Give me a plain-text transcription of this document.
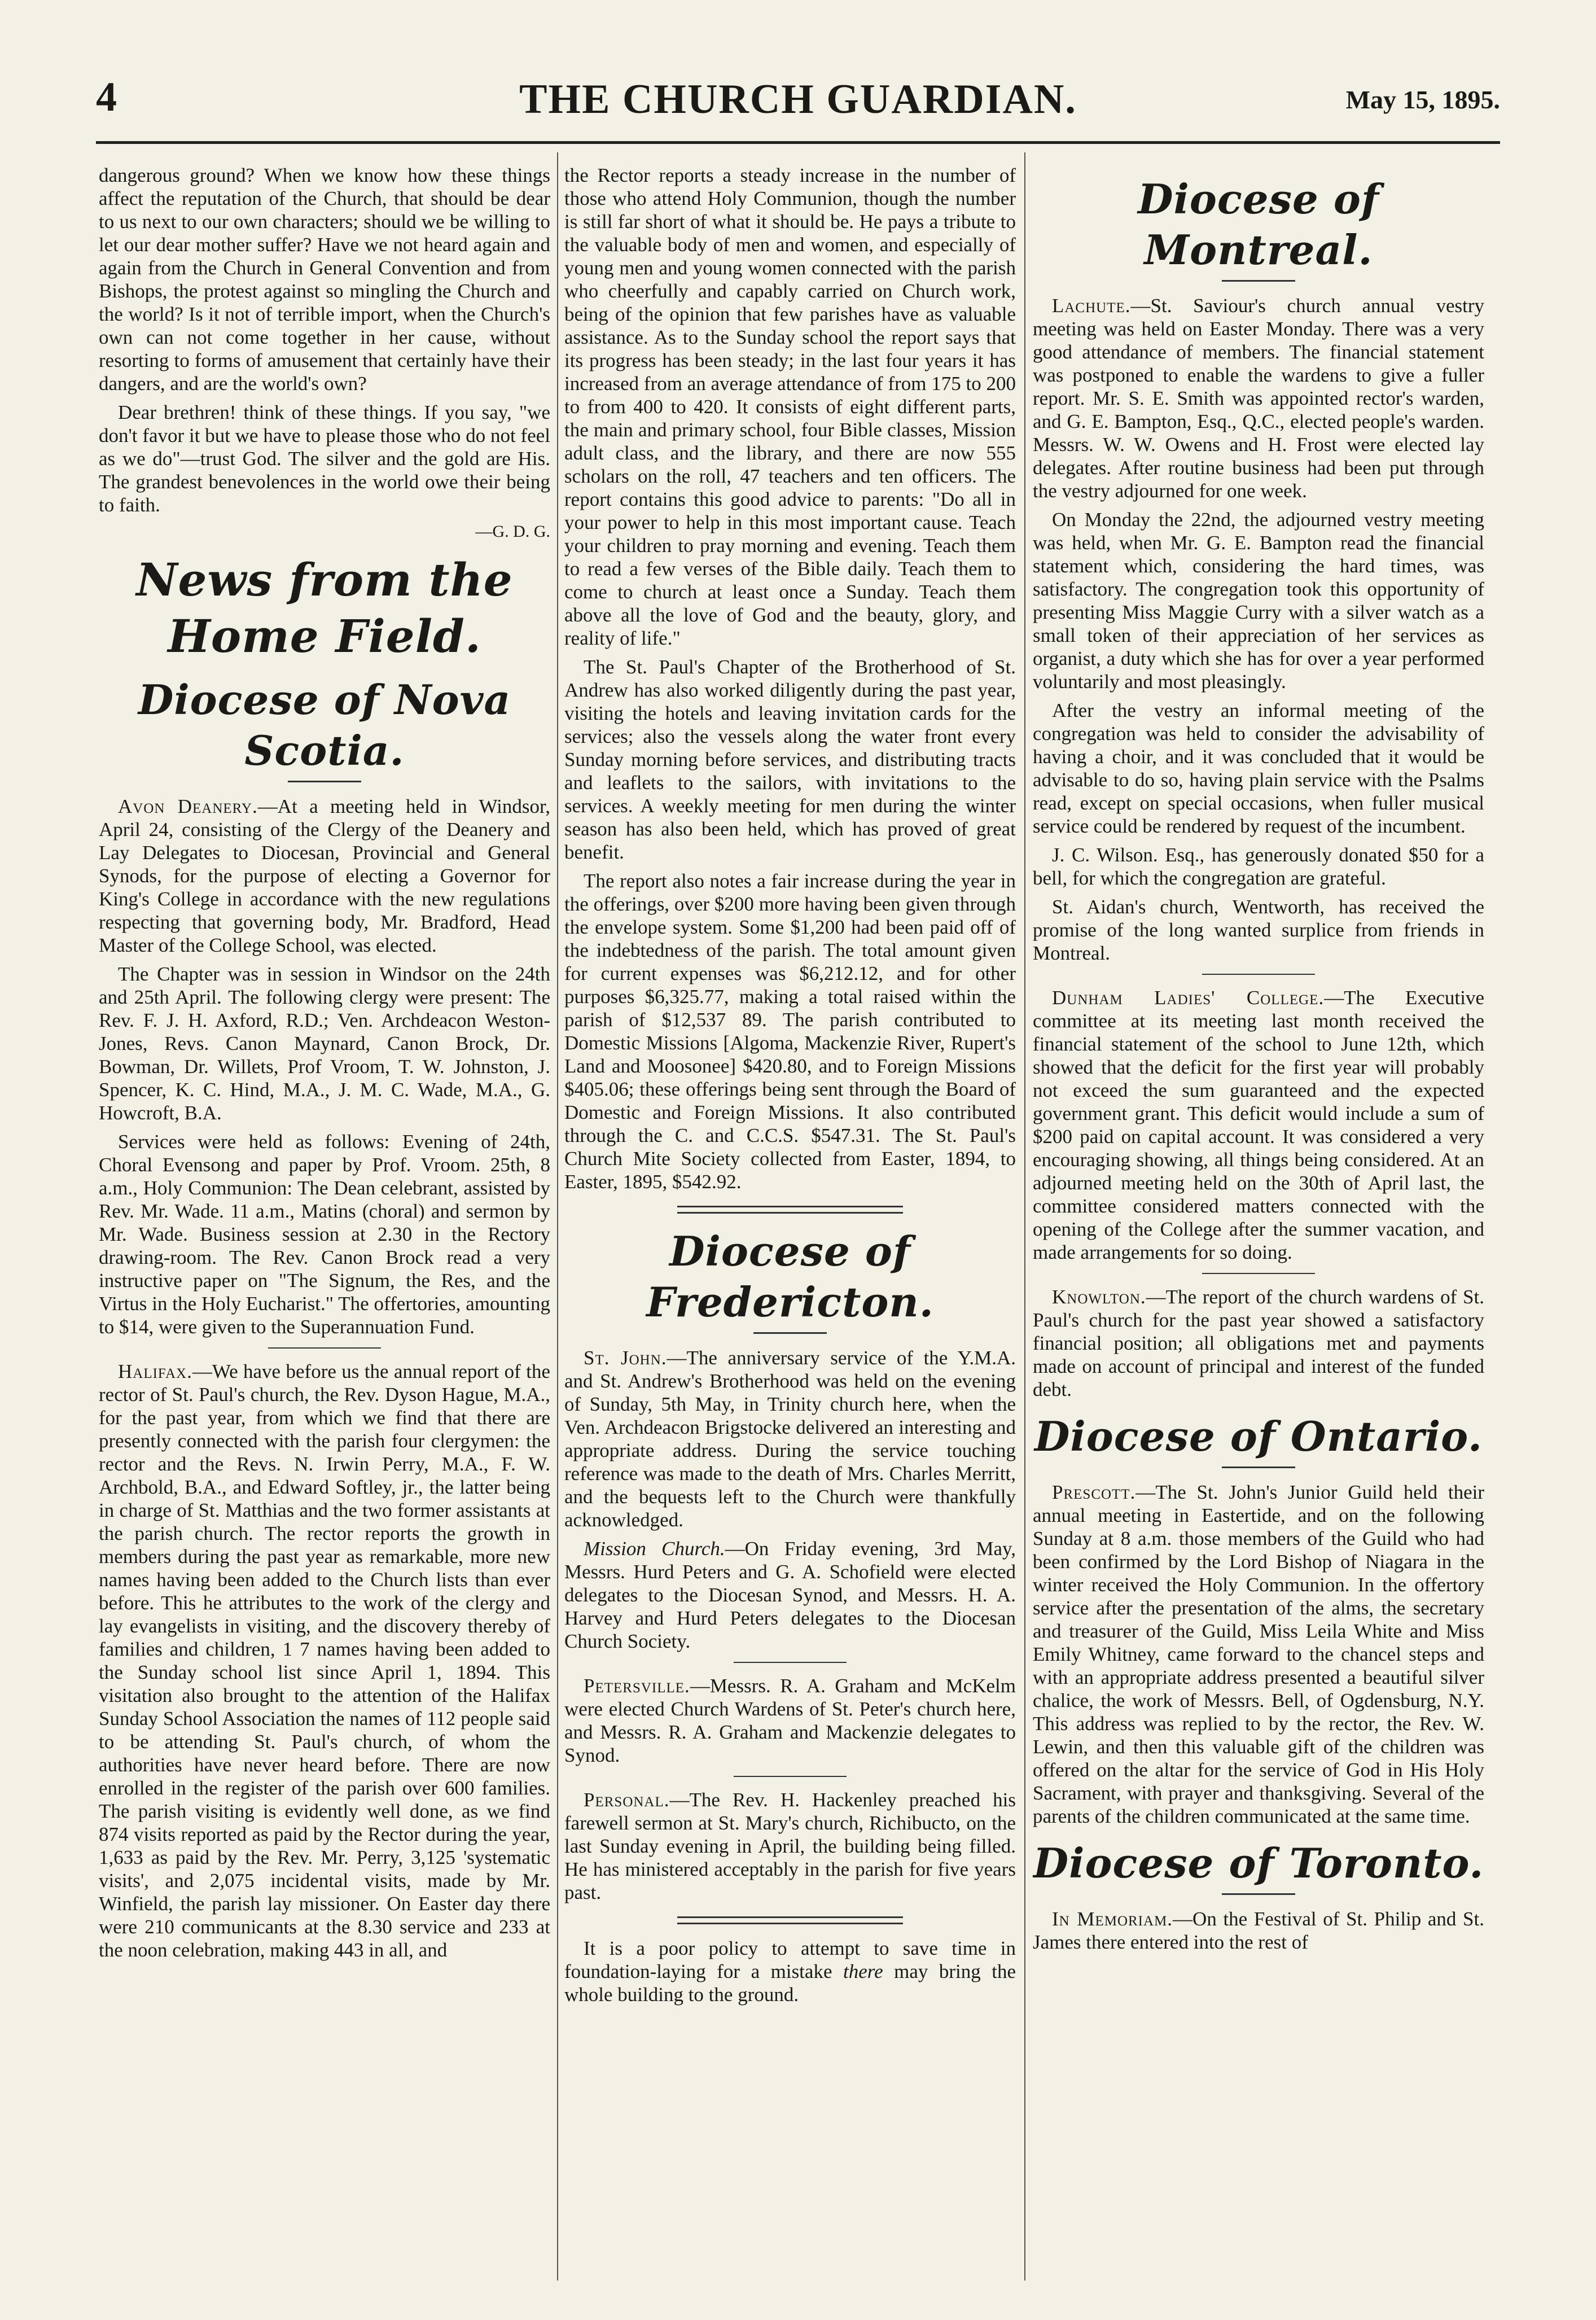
4	THE CHURCH GUARDIAN.	May 15, 1895.

dangerous ground? When we know how these things affect the reputation of the Church, that should be dear to us next to our own characters; should we be willing to let our dear mother suffer? Have we not heard again and again from the Church in General Convention and from Bishops, the protest against so mingling the Church and the world? Is it not of terrible import, when the Church's own can not come together in her cause, without resorting to forms of amusement that certainly have their dangers, and are the world's own?

Dear brethren! think of these things. If you say, "we don't favor it but we have to please those who do not feel as we do"—trust God. The silver and the gold are His. The grandest benevolences in the world owe their being to faith.

—G. D. G.
News from the Home Field.
Diocese of Nova Scotia.

Avon Deanery.—At a meeting held in Windsor, April 24, consisting of the Clergy of the Deanery and Lay Delegates to Diocesan, Provincial and General Synods, for the purpose of electing a Governor for King's College in accordance with the new regulations respecting that governing body, Mr. Bradford, Head Master of the College School, was elected.

The Chapter was in session in Windsor on the 24th and 25th April. The following clergy were present: The Rev. F. J. H. Axford, R.D.; Ven. Archdeacon Weston-Jones, Revs. Canon Maynard, Canon Brock, Dr. Bowman, Dr. Willets, Prof Vroom, T. W. Johnston, J. Spencer, K. C. Hind, M.A., J. M. C. Wade, M.A., G. Howcroft, B.A.

Services were held as follows: Evening of 24th, Choral Evensong and paper by Prof. Vroom. 25th, 8 a.m., Holy Communion: The Dean celebrant, assisted by Rev. Mr. Wade. 11 a.m., Matins (choral) and sermon by Mr. Wade. Business session at 2.30 in the Rectory drawing-room. The Rev. Canon Brock read a very instructive paper on "The Signum, the Res, and the Virtus in the Holy Eucharist." The offertories, amounting to $14, were given to the Superannuation Fund.

Halifax.—We have before us the annual report of the rector of St. Paul's church, the Rev. Dyson Hague, M.A., for the past year, from which we find that there are presently connected with the parish four clergymen: the rector and the Revs. N. Irwin Perry, M.A., F. W. Archbold, B.A., and Edward Softley, jr., the latter being in charge of St. Matthias and the two former assistants at the parish church. The rector reports the growth in members during the past year as remarkable, more new names having been added to the Church lists than ever before. This he attributes to the work of the clergy and lay evangelists in visiting, and the discovery thereby of families and children, 1 7 names having been added to the Sunday school list since April 1, 1894. This visitation also brought to the attention of the Halifax Sunday School Association the names of 112 people said to be attending St. Paul's church, of whom the authorities have never heard before. There are now enrolled in the register of the parish over 600 families. The parish visiting is evidently well done, as we find 874 visits reported as paid by the Rector during the year, 1,633 as paid by the Rev. Mr. Perry, 3,125 'systematic visits', and 2,075 incidental visits, made by Mr. Winfield, the parish lay missioner. On Easter day there were 210 communicants at the 8.30 service and 233 at the noon celebration, making 443 in all, and

the Rector reports a steady increase in the number of those who attend Holy Communion, though the number is still far short of what it should be. He pays a tribute to the valuable body of men and women, and especially of young men and young women connected with the parish who cheerfully and capably carried on Church work, being of the opinion that few parishes have as valuable assistance. As to the Sunday school the report says that its progress has been steady; in the last four years it has increased from an average attendance of from 175 to 200 to from 400 to 420. It consists of eight different parts, the main and primary school, four Bible classes, Mission adult class, and the library, and there are now 555 scholars on the roll, 47 teachers and ten officers. The report contains this good advice to parents: "Do all in your power to help in this most important cause. Teach your children to pray morning and evening. Teach them to read a few verses of the Bible daily. Teach them to come to church at least once a Sunday. Teach them above all the love of God and the beauty, glory, and reality of life."

The St. Paul's Chapter of the Brotherhood of St. Andrew has also worked diligently during the past year, visiting the hotels and leaving invitation cards for the services; also the vessels along the water front every Sunday morning before services, and distributing tracts and leaflets to the sailors, with invitations to the services. A weekly meeting for men during the winter season has also been held, which has proved of great benefit.

The report also notes a fair increase during the year in the offerings, over $200 more having been given through the envelope system. Some $1,200 had been paid off of the indebtedness of the parish. The total amount given for current expenses was $6,212.12, and for other purposes $6,325.77, making a total raised within the parish of $12,537 89. The parish contributed to Domestic Missions [Algoma, Mackenzie River, Rupert's Land and Moosonee] $420.80, and to Foreign Missions $405.06; these offerings being sent through the Board of Domestic and Foreign Missions. It also contributed through the C. and C.C.S. $547.31. The St. Paul's Church Mite Society collected from Easter, 1894, to Easter, 1895, $542.92.

Diocese of Fredericton.

St. John.—The anniversary service of the Y.M.A. and St. Andrew's Brotherhood was held on the evening of Sunday, 5th May, in Trinity church here, when the Ven. Archdeacon Brigstocke delivered an interesting and appropriate address. During the service touching reference was made to the death of Mrs. Charles Merritt, and the bequests left to the Church were thankfully acknowledged.

Mission Church.—On Friday evening, 3rd May, Messrs. Hurd Peters and G. A. Schofield were elected delegates to the Diocesan Synod, and Messrs. H. A. Harvey and Hurd Peters delegates to the Diocesan Church Society.

Petersville.—Messrs. R. A. Graham and McKelm were elected Church Wardens of St. Peter's church here, and Messrs. R. A. Graham and Mackenzie delegates to Synod.

Personal.—The Rev. H. Hackenley preached his farewell sermon at St. Mary's church, Richibucto, on the last Sunday evening in April, the building being filled. He has ministered acceptably in the parish for five years past.

It is a poor policy to attempt to save time in foundation-laying for a mistake there may bring the whole building to the ground.

Diocese of Montreal.

Lachute.—St. Saviour's church annual vestry meeting was held on Easter Monday. There was a very good attendance of members. The financial statement was postponed to enable the wardens to give a fuller report. Mr. S. E. Smith was appointed rector's warden, and G. E. Bampton, Esq., Q.C., elected people's warden. Messrs. W. W. Owens and H. Frost were elected lay delegates. After routine business had been put through the vestry adjourned for one week.

On Monday the 22nd, the adjourned vestry meeting was held, when Mr. G. E. Bampton read the financial statement which, considering the hard times, was satisfactory. The congregation took this opportunity of presenting Miss Maggie Curry with a silver watch as a small token of their appreciation of her services as organist, a duty which she has for over a year performed voluntarily and most pleasingly.

After the vestry an informal meeting of the congregation was held to consider the advisability of having a choir, and it was concluded that it would be advisable to do so, having plain service with the Psalms read, except on special occasions, when fuller musical service could be rendered by request of the incumbent.

J. C. Wilson. Esq., has generously donated $50 for a bell, for which the congregation are grateful.

St. Aidan's church, Wentworth, has received the promise of the long wanted surplice from friends in Montreal.

Dunham Ladies' College.—The Executive committee at its meeting last month received the financial statement of the school to June 12th, which showed that the deficit for the first year will probably not exceed the sum guaranteed and the expected government grant. This deficit would include a sum of $200 paid on capital account. It was considered a very encouraging showing, all things being considered. At an adjourned meeting held on the 30th of April last, the committee considered matters connected with the opening of the College after the summer vacation, and made arrangements for so doing.

Knowlton.—The report of the church wardens of St. Paul's church for the past year showed a satisfactory financial position; all obligations met and payments made on account of principal and interest of the funded debt.

Diocese of Ontario.

Prescott.—The St. John's Junior Guild held their annual meeting in Eastertide, and on the following Sunday at 8 a.m. those members of the Guild who had been confirmed by the Lord Bishop of Niagara in the winter received the Holy Communion. In the offertory service after the presentation of the alms, the secretary and treasurer of the Guild, Miss Leila White and Miss Emily Whitney, came forward to the chancel steps and with an appropriate address presented a beautiful silver chalice, the work of Messrs. Bell, of Ogdensburg, N.Y. This address was replied to by the rector, the Rev. W. Lewin, and then this valuable gift of the children was offered on the altar for the service of God in His Holy Sacrament, with prayer and thanksgiving. Several of the parents of the children communicated at the same time.

Diocese of Toronto.

In Memoriam.—On the Festival of St. Philip and St. James there entered into the rest of
